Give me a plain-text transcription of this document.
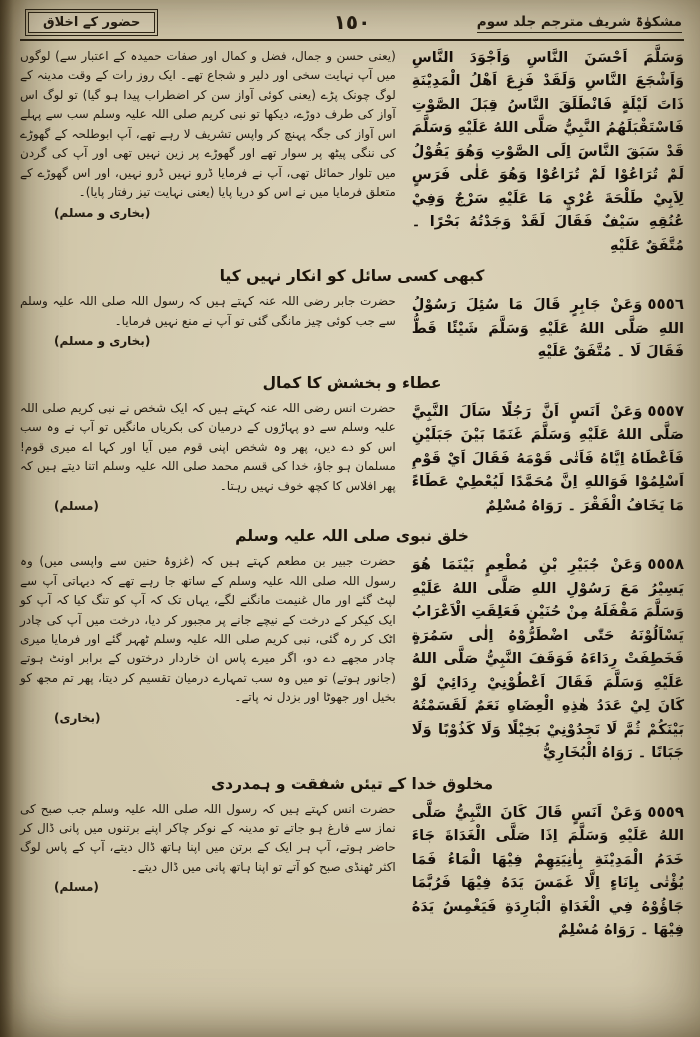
مشکوٰۃ شریف مترجم جلد سوم
١٥٠
حضور کے اخلاق

وَسَلَّمَ اَحْسَنَ النَّاسِ وَاَجْوَدَ النَّاسِ وَاَشْجَعَ النَّاسِ وَلَقَدْ فَزِعَ اَهْلُ الْمَدِيْنَةِ ذَاتَ لَيْلَةٍ فَانْطَلَقَ النَّاسُ قِبَلَ الصَّوْتِ فَاسْتَقْبَلَهُمُ النَّبِيُّ صَلَّى اللهُ عَلَيْهِ وَسَلَّمَ قَدْ سَبَقَ النَّاسَ اِلَى الصَّوْتِ وَهُوَ يَقُوْلُ لَمْ تُرَاعُوْا لَمْ تُرَاعُوْا وَهُوَ عَلٰى فَرَسٍ لِاَبِيْ طَلْحَةَ عُرْيٍ مَا عَلَيْهِ سَرْجٌ وَفِيْ عُنُقِهِ سَيْفٌ فَقَالَ لَقَدْ وَجَدْتُهُ بَحْرًا ۔ مُتَّفَقٌ عَلَيْهِ

(یعنی حسن و جمال، فضل و کمال اور صفات حمیدہ کے اعتبار سے) لوگوں میں آپ نہایت سخی اور دلیر و شجاع تھے۔ ایک روز رات کے وقت مدینہ کے لوگ چونک پڑے (یعنی کوئی آواز سن کر اضطراب پیدا ہو گیا) تو لوگ اس آواز کی طرف دوڑے، دیکھا تو نبی کریم صلی اللہ علیہ وسلم سب سے پہلے اس آواز کی جگہ پہنچ کر واپس تشریف لا رہے تھے، آپ ابوطلحہ کے گھوڑے کی ننگی پیٹھ پر سوار تھے اور گھوڑے پر زین نہیں تھی اور آپ کی گردن میں تلوار حمائل تھی، آپ نے فرمایا ڈرو نہیں ڈرو نہیں، اور اس گھوڑے کے متعلق فرمایا میں نے اس کو دریا پایا (یعنی نہایت تیز رفتار پایا)۔
(بخاری و مسلم)

کبھی کسی سائل کو انکار نہیں کیا

٥٥٥٦وَعَنْ جَابِرٍ قَالَ مَا سُئِلَ رَسُوْلُ اللهِ صَلَّى اللهُ عَلَيْهِ وَسَلَّمَ شَيْئًا قَطُّ فَقَالَ لَا ۔ مُتَّفَقٌ عَلَيْهِ

حضرت جابر رضی اللہ عنہ کہتے ہیں کہ رسول اللہ صلی اللہ علیہ وسلم سے جب کوئی چیز مانگی گئی تو آپ نے منع نہیں فرمایا۔
(بخاری و مسلم)

عطاء و بخشش کا کمال

٥٥٥٧وَعَنْ اَنَسٍ اَنَّ رَجُلًا سَاَلَ النَّبِيَّ صَلَّى اللهُ عَلَيْهِ وَسَلَّمَ غَنَمًا بَيْنَ جَبَلَيْنِ فَاَعْطَاهُ اِيَّاهُ فَاَتٰى قَوْمَهُ فَقَالَ اَيْ قَوْمِ اَسْلِمُوْا فَوَاللهِ اِنَّ مُحَمَّدًا لَيُعْطِيْ عَطَاءً مَا يَخَافُ الْفَقْرَ ۔ رَوَاهُ مُسْلِمٌ

حضرت انس رضی اللہ عنہ کہتے ہیں کہ ایک شخص نے نبی کریم صلی اللہ علیہ وسلم سے دو پہاڑوں کے درمیان کی بکریاں مانگیں تو آپ نے وہ سب اس کو دے دیں، پھر وہ شخص اپنی قوم میں آیا اور کہا اے میری قوم! مسلمان ہو جاؤ، خدا کی قسم محمد صلی اللہ علیہ وسلم اتنا دیتے ہیں کہ پھر افلاس کا کچھ خوف نہیں رہتا۔
(مسلم)

خلق نبوی صلی اللہ علیہ وسلم

٥٥٥٨وَعَنْ جُبَيْرِ بْنِ مُطْعِمٍ بَيْنَمَا هُوَ يَسِيْرُ مَعَ رَسُوْلِ اللهِ صَلَّى اللهُ عَلَيْهِ وَسَلَّمَ مَقْفَلَهُ مِنْ حُنَيْنٍ فَعَلِقَتِ الْاَعْرَابُ يَسْاَلُوْنَهُ حَتّٰى اضْطَرُّوْهُ اِلٰى سَمُرَةٍ فَخَطِفَتْ رِدَاءَهُ فَوَقَفَ النَّبِيُّ صَلَّى اللهُ عَلَيْهِ وَسَلَّمَ فَقَالَ اَعْطُوْنِيْ رِدَائِيْ لَوْ كَانَ لِيْ عَدَدُ هٰذِهِ الْعِضَاهِ نَعَمٌ لَقَسَمْتُهُ بَيْنَكُمْ ثُمَّ لَا تَجِدُوْنِيْ بَخِيْلًا وَلَا كَذُوْبًا وَلَا جَبَانًا ۔ رَوَاهُ الْبُخَارِيُّ

حضرت جبیر بن مطعم کہتے ہیں کہ (غزوۂ حنین سے واپسی میں) وہ رسول اللہ صلی اللہ علیہ وسلم کے ساتھ جا رہے تھے کہ دیہاتی آپ سے لپٹ گئے اور مال غنیمت مانگنے لگے، یہاں تک کہ آپ کو تنگ کیا کہ آپ کو ایک کیکر کے درخت کے نیچے جانے پر مجبور کر دیا، درخت میں آپ کی چادر اٹک کر رہ گئی، نبی کریم صلی اللہ علیہ وسلم ٹھہر گئے اور فرمایا میری چادر مجھے دے دو، اگر میرے پاس ان خاردار درختوں کے برابر اونٹ ہوتے (جانور ہوتے) تو میں وہ سب تمہارے درمیان تقسیم کر دیتا، پھر تم مجھ کو بخیل اور جھوٹا اور بزدل نہ پاتے۔
(بخاری)

مخلوق خدا کے تیئں شفقت و ہمدردی

٥٥٥٩وَعَنْ اَنَسٍ قَالَ كَانَ النَّبِيُّ صَلَّى اللهُ عَلَيْهِ وَسَلَّمَ اِذَا صَلَّى الْغَدَاةَ جَاءَ خَدَمُ الْمَدِيْنَةِ بِاٰنِيَتِهِمْ فِيْهَا الْمَاءُ فَمَا يُؤْتٰى بِاِنَاءٍ اِلَّا غَمَسَ يَدَهُ فِيْهَا فَرُبَّمَا جَاؤُوْهُ فِي الْغَدَاةِ الْبَارِدَةِ فَيَغْمِسُ يَدَهُ فِيْهَا ۔ رَوَاهُ مُسْلِمٌ

حضرت انس کہتے ہیں کہ رسول اللہ صلی اللہ علیہ وسلم جب صبح کی نماز سے فارغ ہو جاتے تو مدینہ کے نوکر چاکر اپنے برتنوں میں پانی ڈال کر حاضر ہوتے، آپ ہر ایک کے برتن میں اپنا ہاتھ ڈال دیتے، آپ کے پاس لوگ اکثر ٹھنڈی صبح کو آتے تو اپنا ہاتھ پانی میں ڈال دیتے۔
(مسلم)
